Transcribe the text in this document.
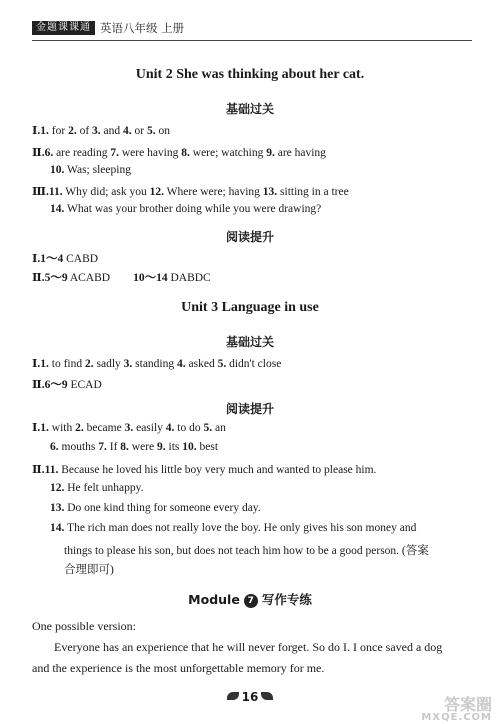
金题课课通 英语八年级 上册
Unit 2 She was thinking about her cat.
基础过关
Ⅰ.1. for 2. of 3. and 4. or 5. on
Ⅱ.6. are reading 7. were having 8. were; watching 9. are having
10. Was; sleeping
Ⅲ.11. Why did; ask you 12. Where were; having 13. sitting in a tree
14. What was your brother doing while you were drawing?
阅读提升
Ⅰ.1～4 CABD
Ⅱ.5～9 ACABD        10～14 DABDC
Unit 3 Language in use
基础过关
Ⅰ.1. to find 2. sadly 3. standing 4. asked 5. didn't close
Ⅱ.6～9 ECAD
阅读提升
Ⅰ.1. with 2. became 3. easily 4. to do 5. an
6. mouths 7. If 8. were 9. its 10. best
Ⅱ.11. Because he loved his little boy very much and wanted to please him.
12. He felt unhappy.
13. Do one kind thing for someone every day.
14. The rich man does not really love the boy. He only gives his son money and
things to please his son, but does not teach him how to be a good person. (答案
合理即可)
Module 7 写作专练
One possible version:
Everyone has an experience that he will never forget. So do I. I once saved a dog
and the experience is the most unforgettable memory for me.
16	答案圈
MXQE.COM
